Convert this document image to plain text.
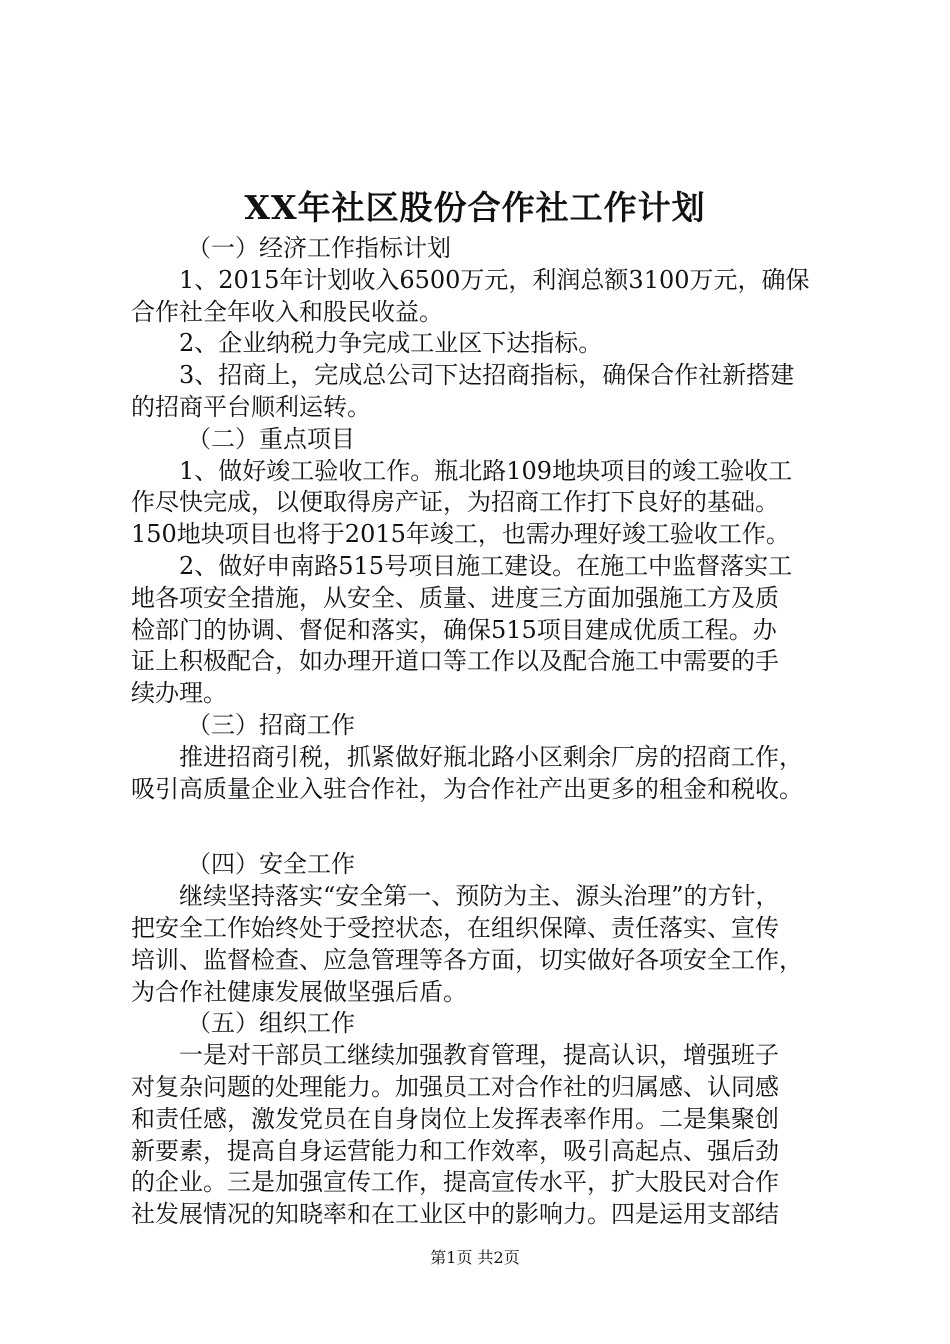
XX年社区股份合作社工作计划

（一）经济工作指标计划

1、2015年计划收入6500万元，利润总额3100万元，确保

合作社全年收入和股民收益。

2、企业纳税力争完成工业区下达指标。

3、招商上，完成总公司下达招商指标，确保合作社新搭建

的招商平台顺利运转。

（二）重点项目

1、做好竣工验收工作。瓶北路109地块项目的竣工验收工

作尽快完成，以便取得房产证，为招商工作打下良好的基础。

150地块项目也将于2015年竣工，也需办理好竣工验收工作。

2、做好申南路515号项目施工建设。在施工中监督落实工

地各项安全措施，从安全、质量、进度三方面加强施工方及质

检部门的协调、督促和落实，确保515项目建成优质工程。办

证上积极配合，如办理开道口等工作以及配合施工中需要的手

续办理。

（三）招商工作

推进招商引税，抓紧做好瓶北路小区剩余厂房的招商工作，

吸引高质量企业入驻合作社，为合作社产出更多的租金和税收。

（四）安全工作

继续坚持落实“安全第一、预防为主、源头治理”的方针，

把安全工作始终处于受控状态，在组织保障、责任落实、宣传

培训、监督检查、应急管理等各方面，切实做好各项安全工作，

为合作社健康发展做坚强后盾。

（五）组织工作

一是对干部员工继续加强教育管理，提高认识，增强班子

对复杂问题的处理能力。加强员工对合作社的归属感、认同感

和责任感，激发党员在自身岗位上发挥表率作用。二是集聚创

新要素，提高自身运营能力和工作效率，吸引高起点、强后劲

的企业。三是加强宣传工作，提高宣传水平，扩大股民对合作

社发展情况的知晓率和在工业区中的影响力。四是运用支部结

第1页 共2页
